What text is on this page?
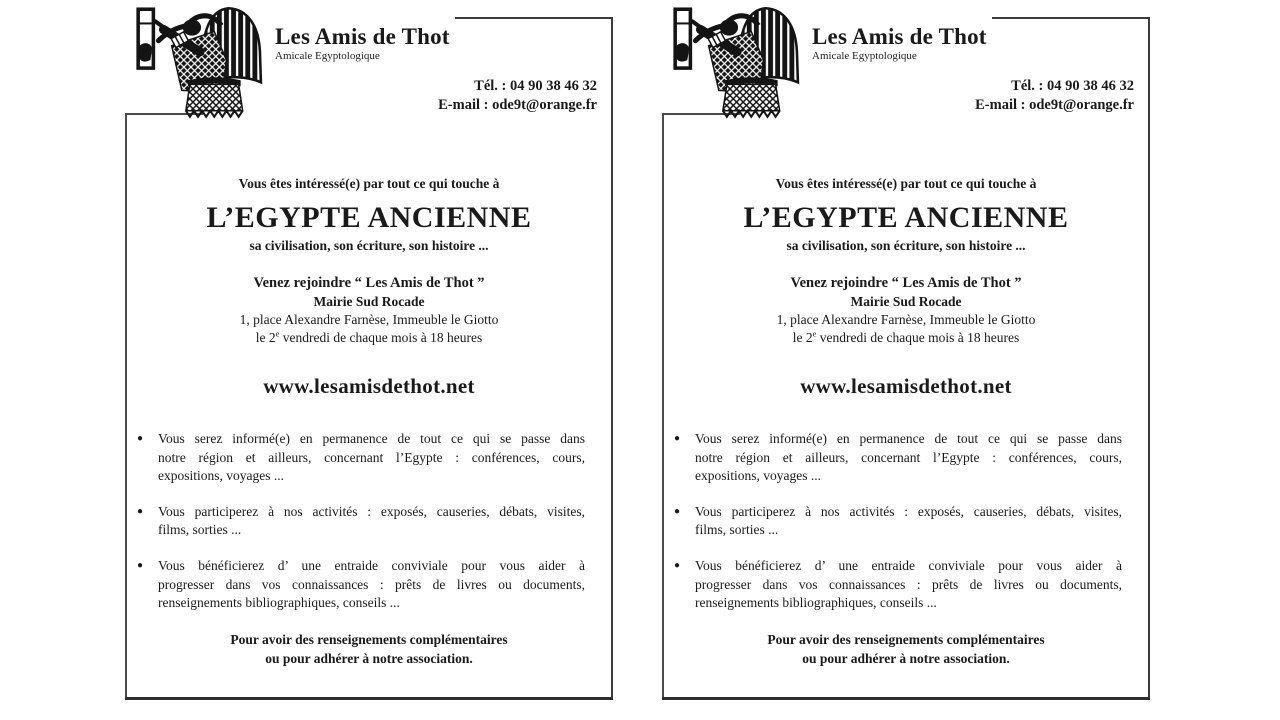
Les Amis de Thot
Amicale Egyptologique
Tél. : 04 90 38 46 32
E-mail : ode9t@orange.fr
Vous êtes intéressé(e) par tout ce qui touche à
L’EGYPTE ANCIENNE
sa civilisation, son écriture, son histoire ...
Venez rejoindre “ Les Amis de Thot ”
Mairie Sud Rocade
1, place Alexandre Farnèse, Immeuble le Giotto
le 2e vendredi de chaque mois à 18 heures
www.lesamisdethot.net
●	Vous serez informé(e) en permanence de tout ce qui se passe dans
notre région et ailleurs, concernant l’Egypte : conférences, cours,
expositions, voyages ...
●	Vous participerez à nos activités : exposés, causeries, débats, visites,
films, sorties ...
●	Vous bénéficierez d’ une entraide conviviale pour vous aider à
progresser dans vos connaissances : prêts de livres ou documents,
renseignements bibliographiques, conseils ...
Pour avoir des renseignements complémentaires
ou pour adhérer à notre association.
Les Amis de Thot
Amicale Egyptologique
Tél. : 04 90 38 46 32
E-mail : ode9t@orange.fr
Vous êtes intéressé(e) par tout ce qui touche à
L’EGYPTE ANCIENNE
sa civilisation, son écriture, son histoire ...
Venez rejoindre “ Les Amis de Thot ”
Mairie Sud Rocade
1, place Alexandre Farnèse, Immeuble le Giotto
le 2e vendredi de chaque mois à 18 heures
www.lesamisdethot.net
●	Vous serez informé(e) en permanence de tout ce qui se passe dans
notre région et ailleurs, concernant l’Egypte : conférences, cours,
expositions, voyages ...
●	Vous participerez à nos activités : exposés, causeries, débats, visites,
films, sorties ...
●	Vous bénéficierez d’ une entraide conviviale pour vous aider à
progresser dans vos connaissances : prêts de livres ou documents,
renseignements bibliographiques, conseils ...
Pour avoir des renseignements complémentaires
ou pour adhérer à notre association.
